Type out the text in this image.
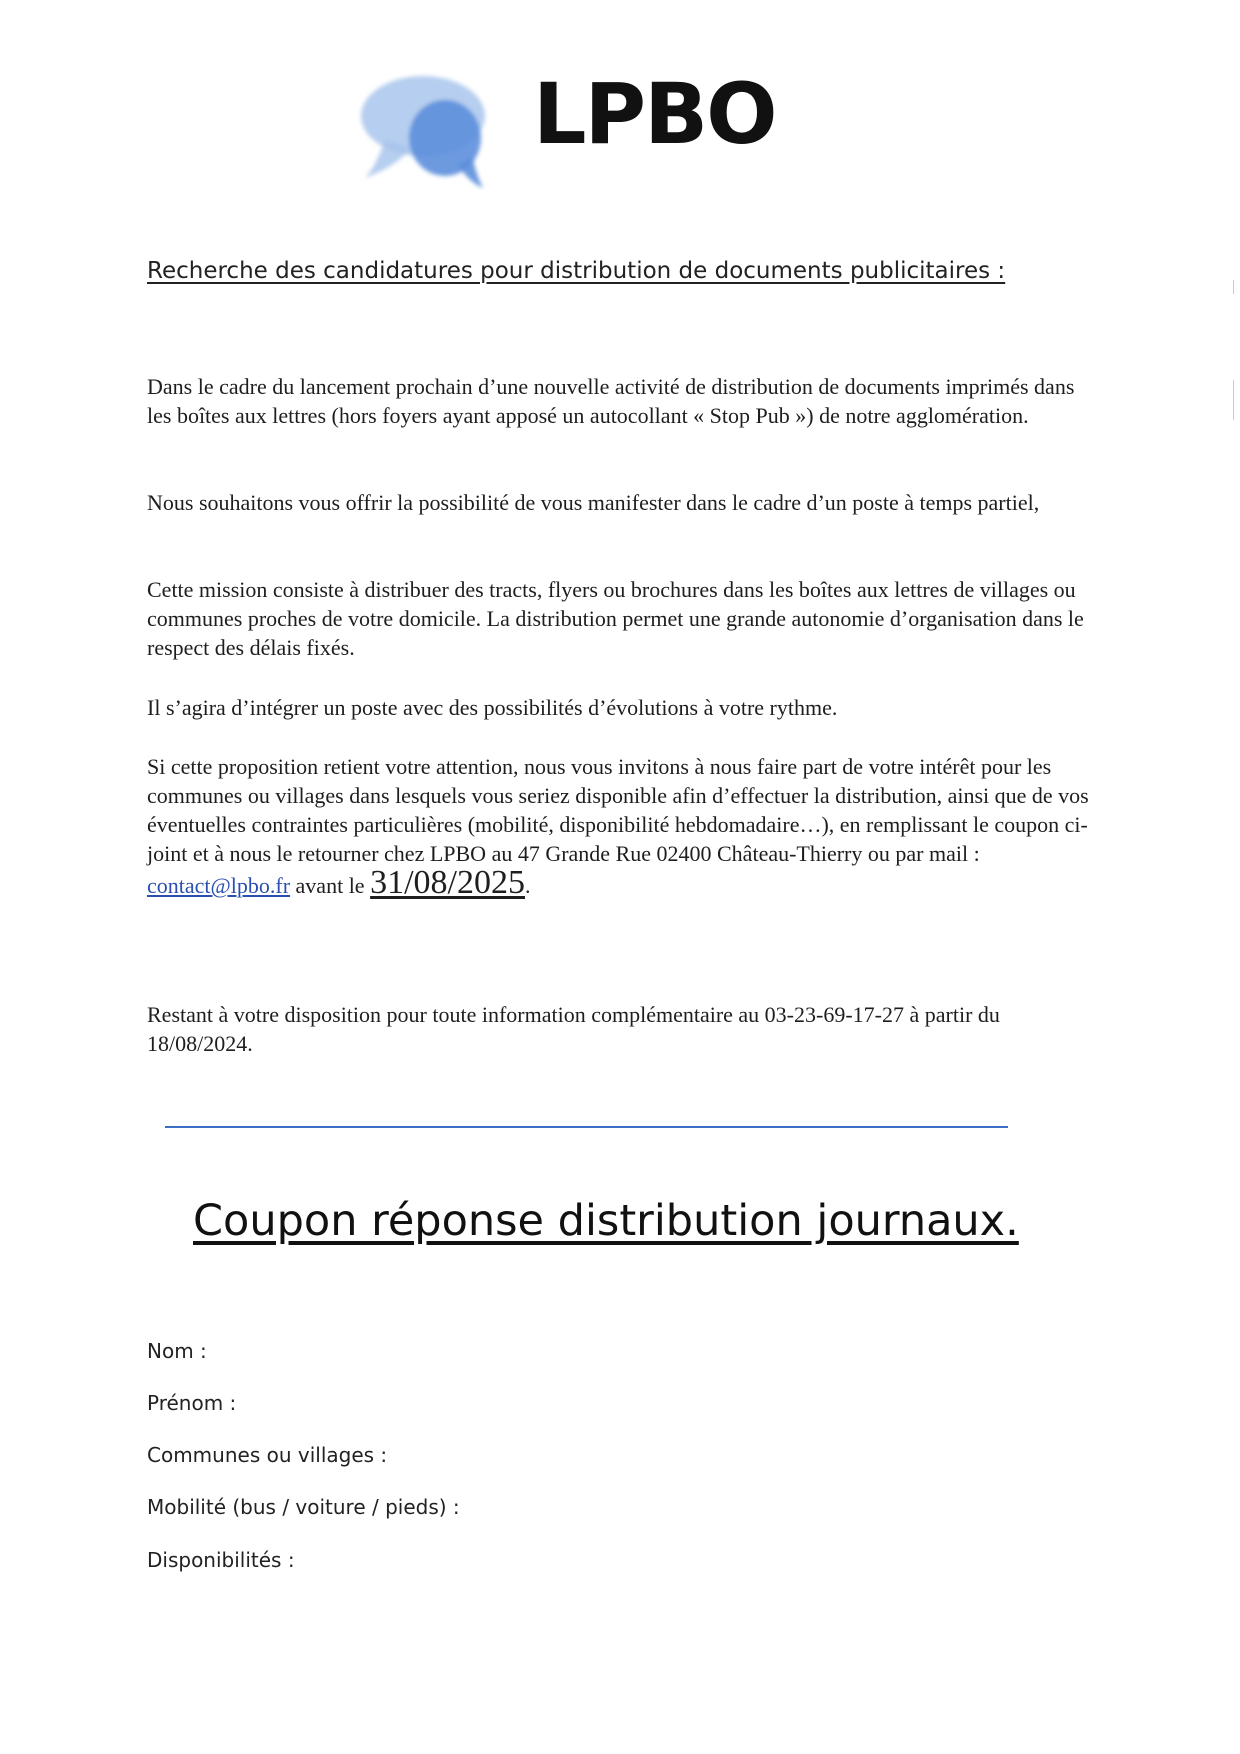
LPBO
Recherche des candidatures pour distribution de documents publicitaires :

Dans le cadre du lancement prochain d’une nouvelle activité de distribution de documents imprimés dans les boîtes aux lettres (hors foyers ayant apposé un autocollant « Stop Pub ») de notre agglomération.

Nous souhaitons vous offrir la possibilité de vous manifester dans le cadre d’un poste à temps partiel,

Cette mission consiste à distribuer des tracts, flyers ou brochures dans les boîtes aux lettres de villages ou communes proches de votre domicile. La distribution permet une grande autonomie d’organisation dans le respect des délais fixés.

Il s’agira d’intégrer un poste avec des possibilités d’évolutions à votre rythme.

Si cette proposition retient votre attention, nous vous invitons à nous faire part de votre intérêt pour les communes ou villages dans lesquels vous seriez disponible afin d’effectuer la distribution, ainsi que de vos éventuelles contraintes particulières (mobilité, disponibilité hebdomadaire…), en remplissant le coupon ci- joint et à nous le retourner chez LPBO au 47 Grande Rue 02400 Château-Thierry ou par mail : contact@lpbo.fr avant le 31/08/2025.

Restant à votre disposition pour toute information complémentaire au 03-23-69-17-27 à partir du 18/08/2024.

Coupon réponse distribution journaux.
Nom :
Prénom :
Communes ou villages :
Mobilité (bus / voiture / pieds) :
Disponibilités :
